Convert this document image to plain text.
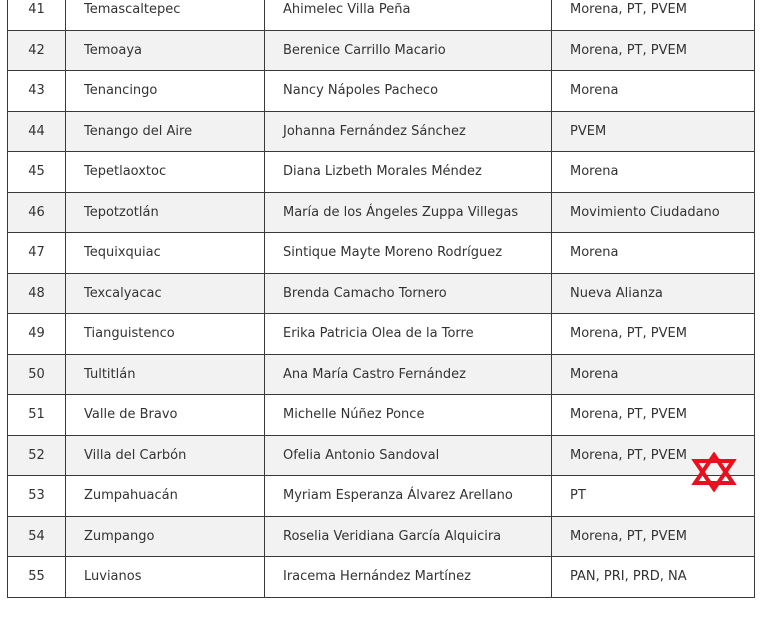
41	Temascaltepec	Ahimelec Villa Peña	Morena, PT, PVEM
42	Temoaya	Berenice Carrillo Macario	Morena, PT, PVEM
43	Tenancingo	Nancy Nápoles Pacheco	Morena
44	Tenango del Aire	Johanna Fernández Sánchez	PVEM
45	Tepetlaoxtoc	Diana Lizbeth Morales Méndez	Morena
46	Tepotzotlán	María de los Ángeles Zuppa Villegas	Movimiento Ciudadano
47	Tequixquiac	Sintique Mayte Moreno Rodríguez	Morena
48	Texcalyacac	Brenda Camacho Tornero	Nueva Alianza
49	Tianguistenco	Erika Patricia Olea de la Torre	Morena, PT, PVEM
50	Tultitlán	Ana María Castro Fernández	Morena
51	Valle de Bravo	Michelle Núñez Ponce	Morena, PT, PVEM
52	Villa del Carbón	Ofelia Antonio Sandoval	Morena, PT, PVEM
53	Zumpahuacán	Myriam Esperanza Álvarez Arellano	PT
54	Zumpango	Roselia Veridiana García Alquicira	Morena, PT, PVEM
55	Luvianos	Iracema Hernández Martínez	PAN, PRI, PRD, NA
